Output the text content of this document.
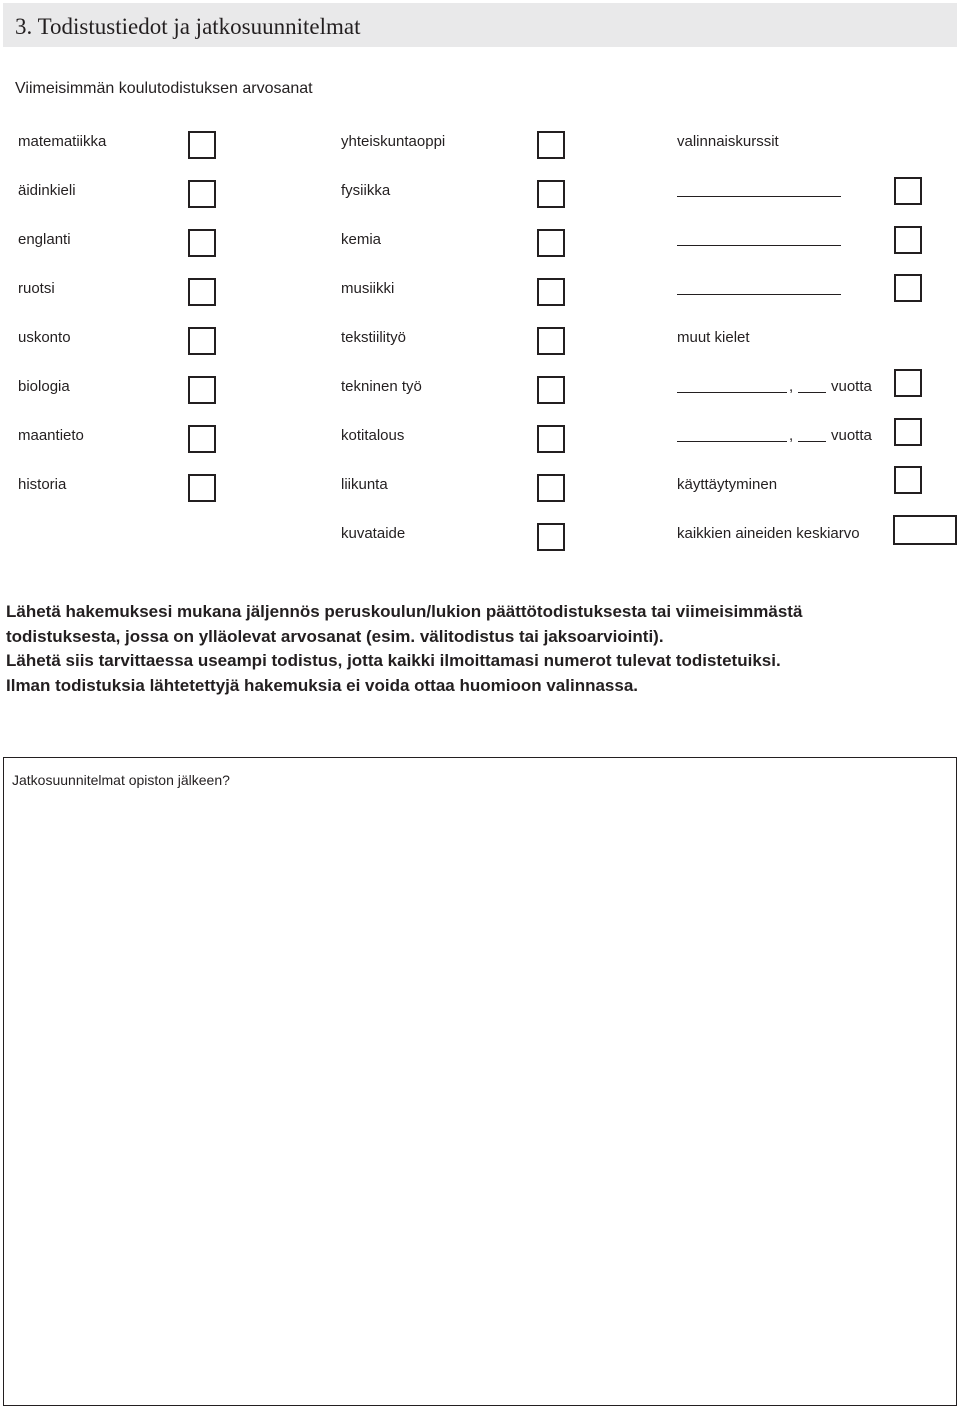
3. Todistustiedot ja jatkosuunnitelmat
Viimeisimmän koulutodistuksen arvosanat
matematiikka
äidinkieli
englanti
ruotsi
uskonto
biologia
maantieto
historia
yhteiskuntaoppi
fysiikka
kemia
musiikki
tekstiilityö
tekninen työ
kotitalous
liikunta
kuvataide
valinnaiskurssit
muut kielet
,	vuotta
,	vuotta
käyttäytyminen
kaikkien aineiden keskiarvo
Lähetä hakemuksesi mukana jäljennös peruskoulun/lukion päättötodistuksesta tai viimeisimmästä
todistuksesta, jossa on ylläolevat arvosanat (esim. välitodistus tai jaksoarviointi).
Lähetä siis tarvittaessa useampi todistus, jotta kaikki ilmoittamasi numerot tulevat todistetuiksi.
Ilman todistuksia lähtetettyjä hakemuksia ei voida ottaa huomioon valinnassa.
Jatkosuunnitelmat opiston jälkeen?
